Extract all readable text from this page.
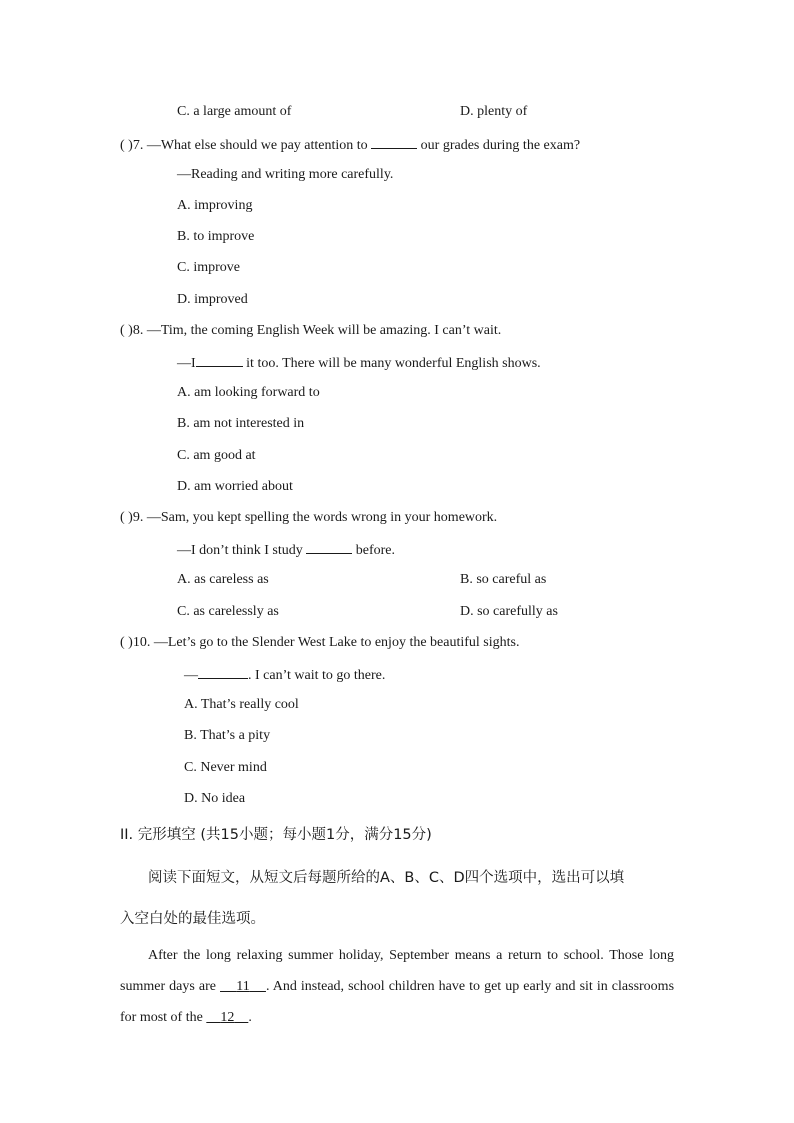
C. a large amount of	D. plenty of
( )7. —What else should we pay attention to	our grades during the exam?
—Reading and writing more carefully.
A. improving
B. to improve
C. improve
D. improved
( )8. —Tim, the coming English Week will be amazing. I can’t wait.
—I	it too. There will be many wonderful English shows.
A. am looking forward to
B. am not interested in
C. am good at
D. am worried about
( )9. —Sam, you kept spelling the words wrong in your homework.
—I don’t think I study	before.
A. as careless as	B. so careful as
C. as carelessly as	D. so carefully as
( )10. —Let’s go to the Slender West Lake to enjoy the beautiful sights.
—	. I can’t wait to go there.
A. That’s really cool
B. That’s a pity
C. Never mind
D. No idea
II. 完形填空 (共15小题；每小题1分，满分15分)
阅读下面短文，从短文后每题所给的A、B、C、D四个选项中，选出可以填
入空白处的最佳选项。
After the long relaxing summer holiday, September means a return to school. Those long summer days are 11 . And instead, school children have to get up early and sit in classrooms for most of the 12 .
